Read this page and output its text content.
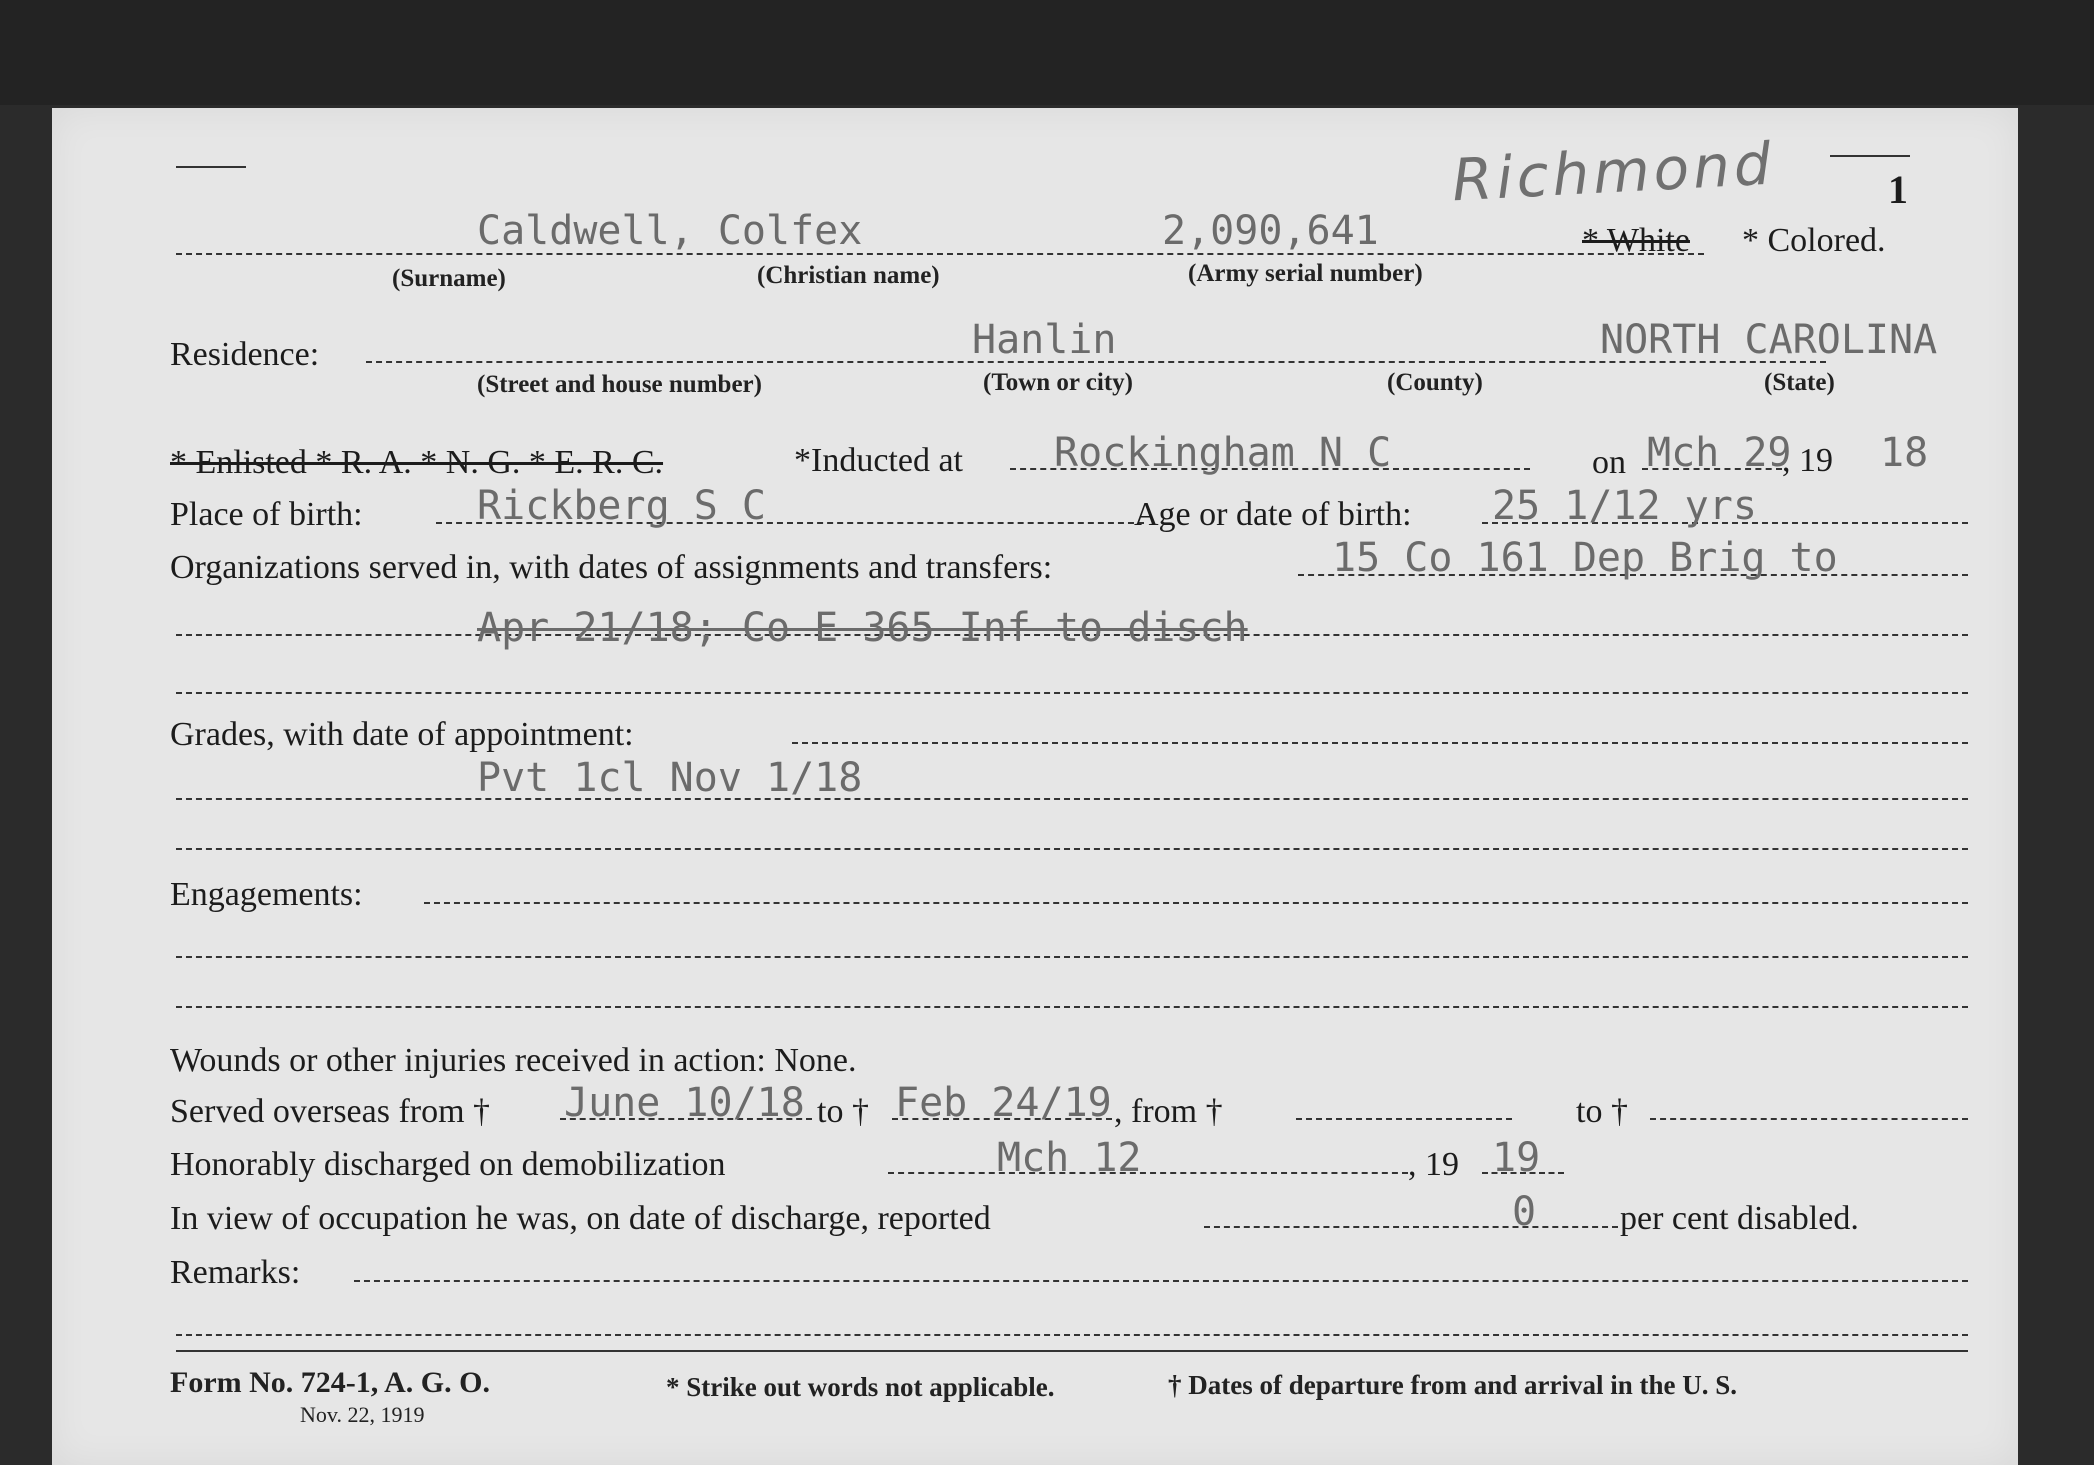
Richmond	1
Caldwell, Colfex	2,090,641	* White * Colored.
(Surname)	(Christian name)	(Army serial number)
Residence:	Hanlin	NORTH CAROLINA
(Street and house number)	(Town or city)	(County)	(State)
* Enlisted * R. A. * N. G. * E. R. C.	*Inducted at Rockingham N C	on Mch 29
, 19 18
Place of birth:	Rickberg S C	Age or date of birth: 25 1/12 yrs
Organizations served in, with dates of assignments and transfers:	15 Co 161 Dep Brig to
Apr 21/18; Co E 365 Inf to disch
Grades, with date of appointment:
Pvt 1cl Nov 1/18
Engagements:
Wounds or other injuries received in action: None.
Served overseas from † June 10/18 to † Feb 24/19 , from †	to †
Honorably discharged on demobilization	Mch 12	, 19 19
In view of occupation he was, on date of discharge, reported	0 per cent disabled.
Remarks:
Form No. 724-1, A. G. O.
Nov. 22, 1919
* Strike out words not applicable.	† Dates of departure from and arrival in the U. S.
